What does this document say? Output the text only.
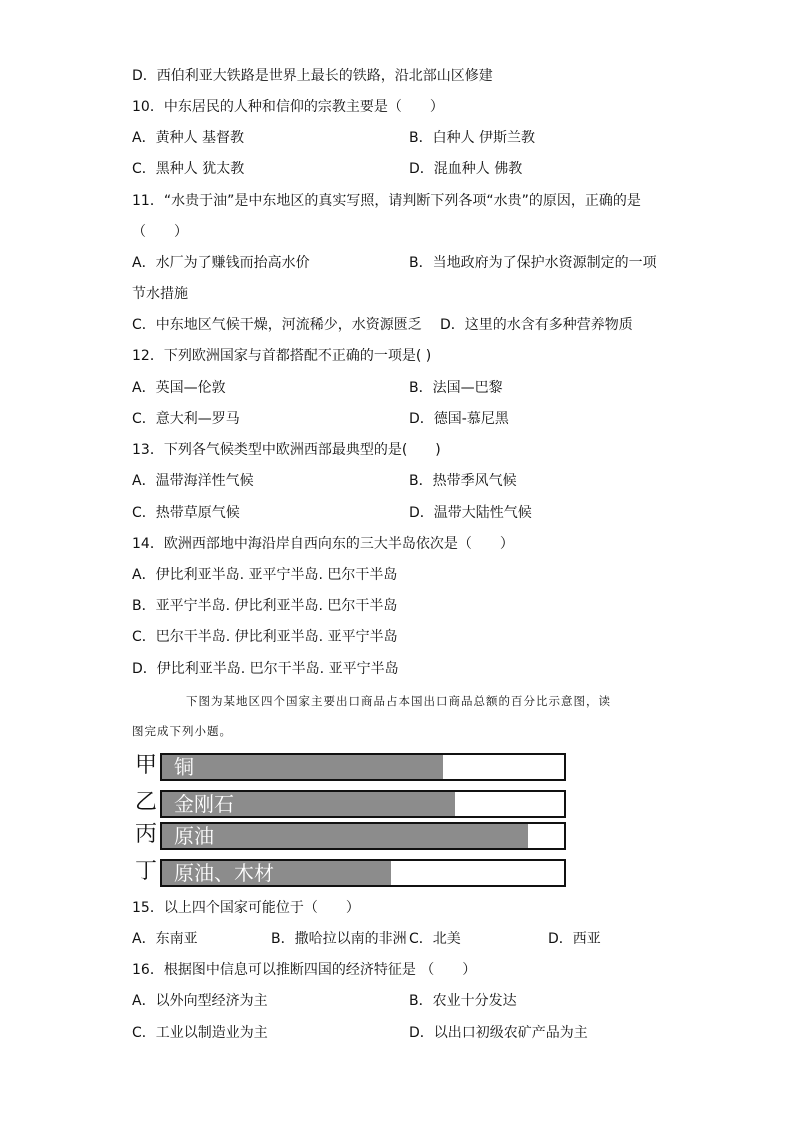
D．西伯利亚大铁路是世界上最长的铁路，沿北部山区修建
10．中东居民的人种和信仰的宗教主要是（　　）
A．黄种人 基督教	B．白种人 伊斯兰教
C．黑种人 犹太教	D．混血种人 佛教
11．“水贵于油”是中东地区的真实写照，请判断下列各项“水贵”的原因，正确的是
（　　）
A．水厂为了赚钱而抬高水价	B．当地政府为了保护水资源制定的一项
节水措施
C．中东地区气候干燥，河流稀少，水资源匮乏 D．这里的水含有多种营养物质
12．下列欧洲国家与首都搭配不正确的一项是( )
A．英国—伦敦	B．法国—巴黎
C．意大利—罗马	D．德国-慕尼黑
13．下列各气候类型中欧洲西部最典型的是(　　)
A．温带海洋性气候	B．热带季风气候
C．热带草原气候	D．温带大陆性气候
14．欧洲西部地中海沿岸自西向东的三大半岛依次是（　　）
A．伊比利亚半岛. 亚平宁半岛. 巴尔干半岛
B．亚平宁半岛. 伊比利亚半岛. 巴尔干半岛
C．巴尔干半岛. 伊比利亚半岛. 亚平宁半岛
D．伊比利亚半岛. 巴尔干半岛. 亚平宁半岛
下图为某地区四个国家主要出口商品占本国出口商品总额的百分比示意图，读
图完成下列小题。
甲 铜
乙 金刚石
丙 原油
丁 原油、木材
15．以上四个国家可能位于（　　）
A．东南亚	B．撒哈拉以南的非洲 C．北美	D．西亚
16．根据图中信息可以推断四国的经济特征是 （　　）
A．以外向型经济为主	B．农业十分发达
C．工业以制造业为主	D．以出口初级农矿产品为主
